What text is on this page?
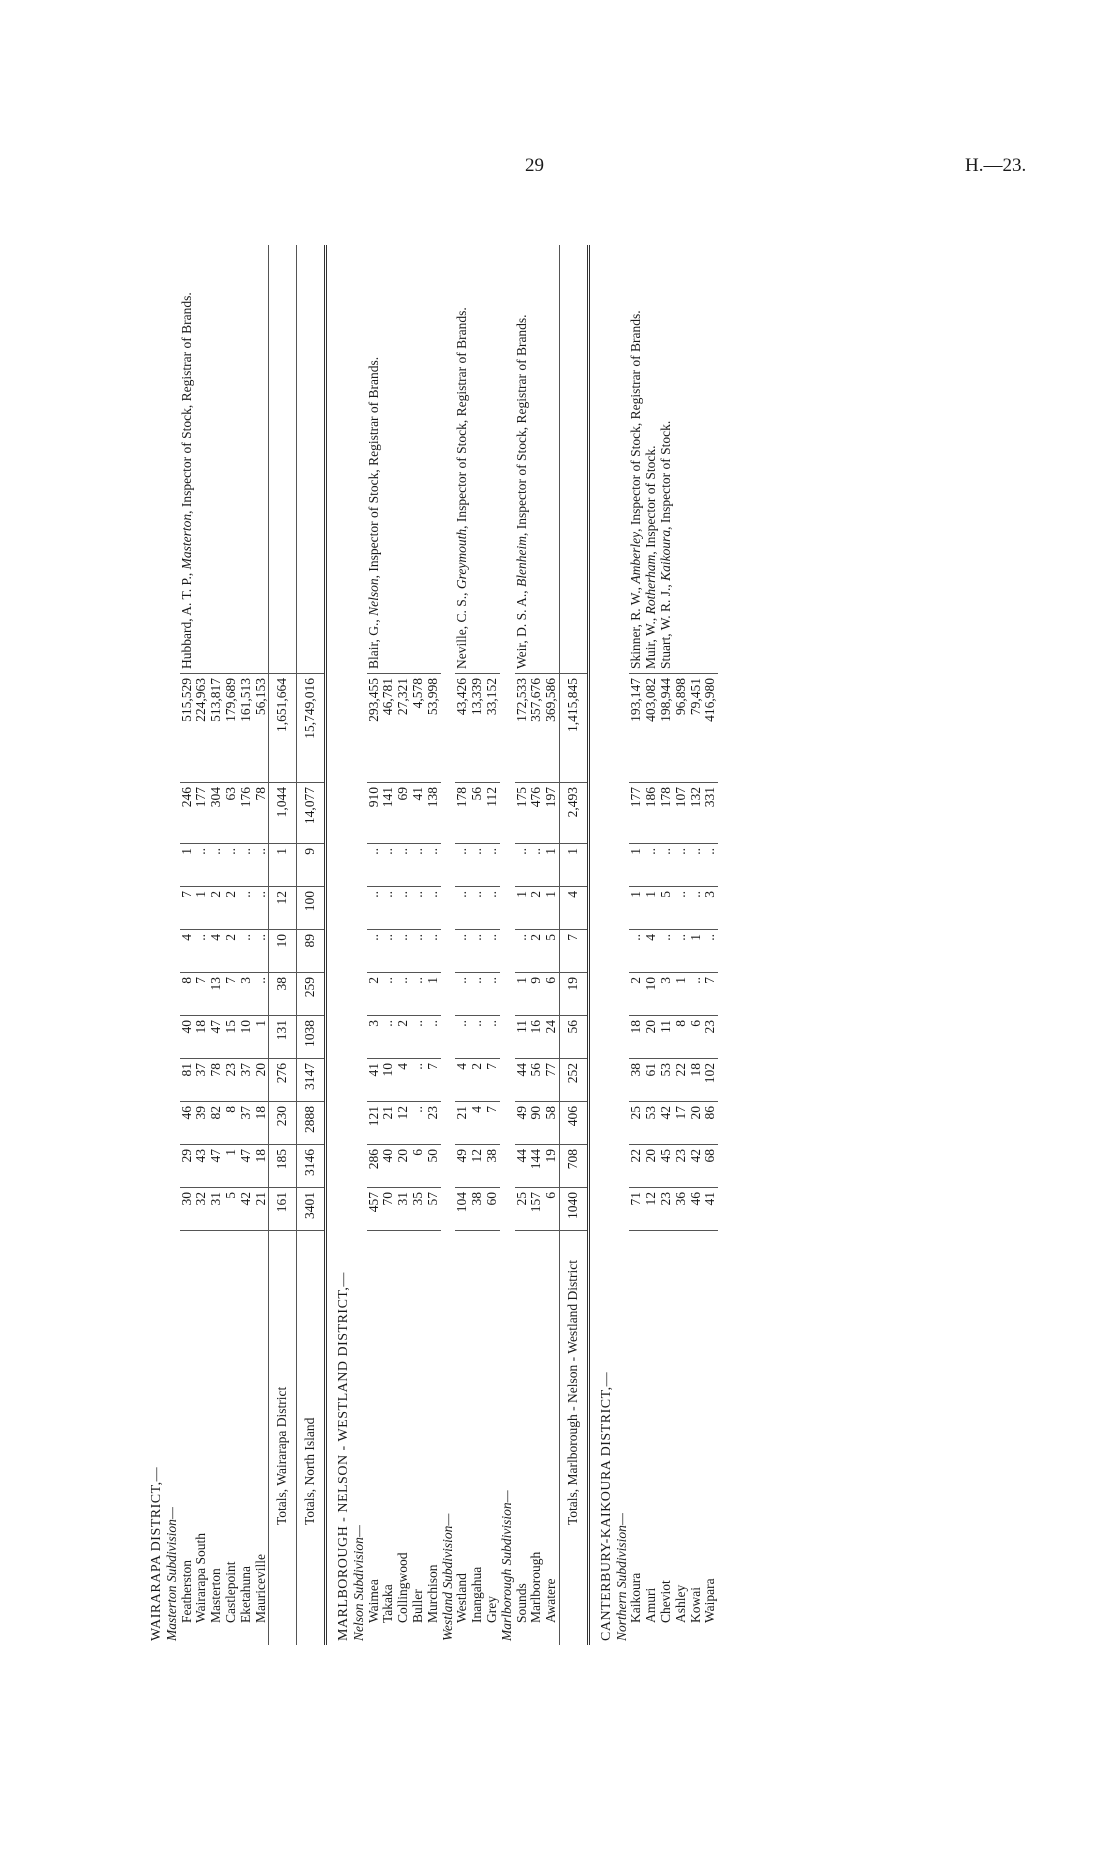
29	H.—23.
WAIRARAPA DISTRICT,—												
Masterton Subdivision—												
Featherston	30	29	46	81	40	8	4	7	1	246	515,529	Hubbard, A. T. P., Masterton, Inspector of Stock, Registrar of Brands.

Wairarapa South	32	43	39	37	18	7	..	1	..	177	224,963	
Masterton	31	47	82	78	47	13	4	2	..	304	513,817	
Castlepoint	5	1	8	23	15	7	2	2	..	63	179,689	
Eketahuna	42	47	37	37	10	3	..	..	..	176	161,513	
Mauriceville	21	18	18	20	1	..	..	..	..	78	56,153	
Totals, Wairarapa District	161	185	230	276	131	38	10	12	1	1,044	1,651,664	
Totals, North Island	3401	3146	2888	3147	1038	259	89	100	9	14,077	15,749,016	
MARLBOROUGH - NELSON - WESTLAND DISTRICT,—												
Nelson Subdivision—												
Waimea	457	286	121	41	3	2	..	..	..	910	293,455	Blair, G., Nelson, Inspector of Stock, Registrar of Brands.

Takaka	70	40	21	10	..	..	..	..	..	141	46,781	
Collingwood	31	20	12	4	2	..	..	..	..	69	27,321	
Buller	35	6	..	..	..	..	..	..	..	41	4,578	
Murchison	57	50	23	7	..	1	..	..	..	138	53,998	
Westland Subdivision—												
Westland	104	49	21	4	..	..	..	..	..	178	43,426	Neville, C. S., Greymouth, Inspector of Stock, Registrar of Brands.

Inangahua	38	12	4	2	..	..	..	..	..	56	13,339	
Grey	60	38	7	7	..	..	..	..	..	112	33,152	
Marlborough Subdivision—												
Sounds	25	44	49	44	11	1	..	1	..	175	172,533	Weir, D. S. A., Blenheim, Inspector of Stock, Registrar of Brands.

Marlborough	157	144	90	56	16	9	2	2	..	476	357,676	
Awatere	6	19	58	77	24	6	5	1	1	197	369,586	
Totals, Marlborough - Nelson - Westland District	1040	708	406	252	56	19	7	4	1	2,493	1,415,845	
CANTERBURY-KAIKOURA DISTRICT,—												
Northern Subdivision—												
Kaikoura	71	22	25	38	18	2	..	1	1	177	193,147	Skinner, R. W., Amberley, Inspector of Stock, Registrar of Brands.
Muir, W., Rotherham, Inspector of Stock.
Stuart, W. R. J., Kaikoura, Inspector of Stock.

Amuri	12	20	53	61	20	10	4	1	..	186	403,082	
Cheviot	23	45	42	53	11	3	..	5	..	178	198,944	
Ashley	36	23	17	22	8	1	..	..	..	107	96,898	
Kowai	46	42	20	18	6	..	1	..	..	132	79,451	
Waipara	41	68	86	102	23	7	..	3	..	331	416,980	
